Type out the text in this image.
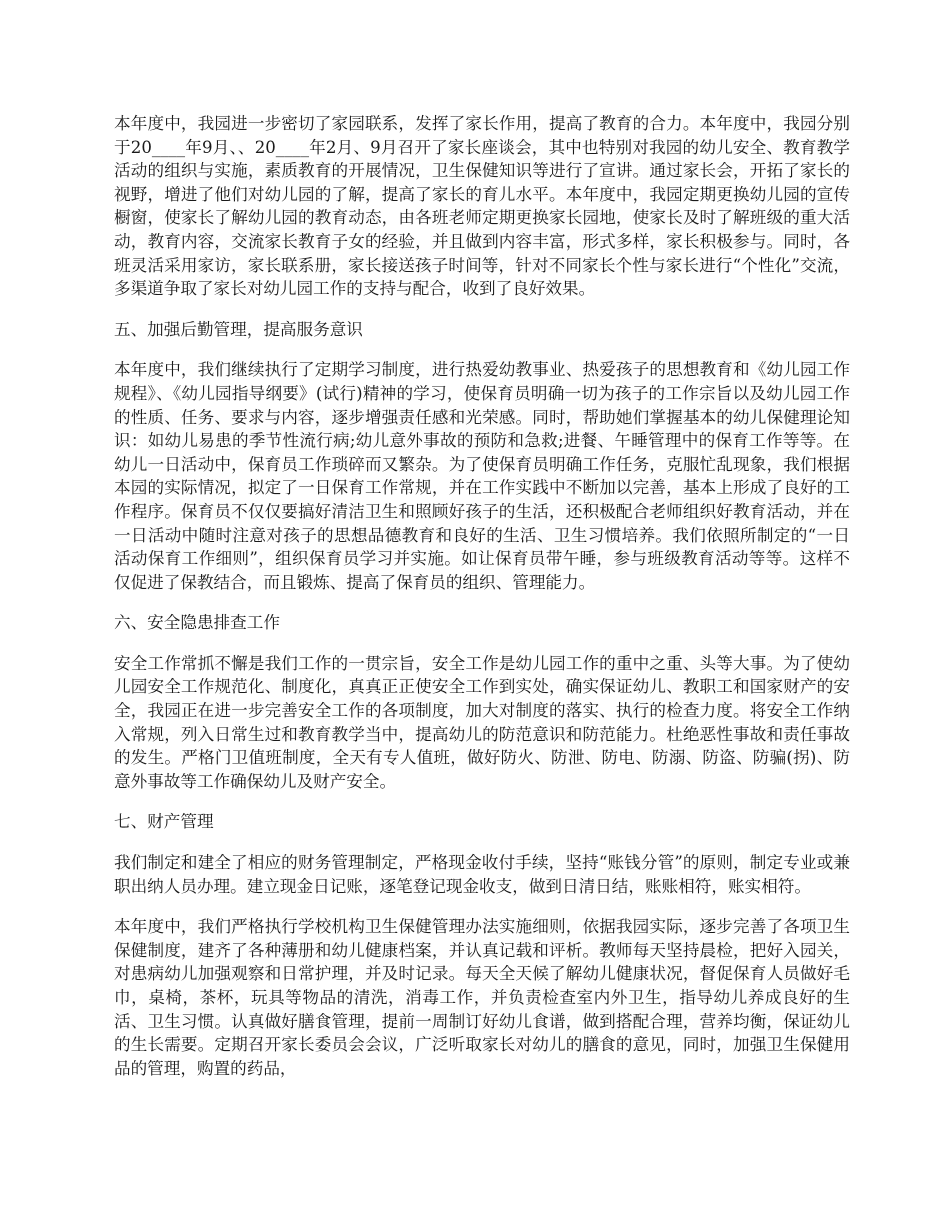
本年度中，我园进一步密切了家园联系，发挥了家长作用，提高了教育的合力。本年度中，我园分别于20____年9月、、20____年2月、9月召开了家长座谈会，其中也特别对我园的幼儿安全、教育教学活动的组织与实施，素质教育的开展情况，卫生保健知识等进行了宣讲。通过家长会，开拓了家长的视野，增进了他们对幼儿园的了解，提高了家长的育儿水平。本年度中，我园定期更换幼儿园的宣传橱窗，使家长了解幼儿园的教育动态，由各班老师定期更换家长园地，使家长及时了解班级的重大活动，教育内容，交流家长教育子女的经验，并且做到内容丰富，形式多样，家长积极参与。同时，各班灵活采用家访，家长联系册，家长接送孩子时间等，针对不同家长个性与家长进行“个性化”交流，多渠道争取了家长对幼儿园工作的支持与配合，收到了良好效果。

五、加强后勤管理，提高服务意识

本年度中，我们继续执行了定期学习制度，进行热爱幼教事业、热爱孩子的思想教育和《幼儿园工作规程》、《幼儿园指导纲要》(试行)精神的学习，使保育员明确一切为孩子的工作宗旨以及幼儿园工作的性质、任务、要求与内容，逐步增强责任感和光荣感。同时，帮助她们掌握基本的幼儿保健理论知识：如幼儿易患的季节性流行病;幼儿意外事故的预防和急救;进餐、午睡管理中的保育工作等等。在幼儿一日活动中，保育员工作琐碎而又繁杂。为了使保育员明确工作任务，克服忙乱现象，我们根据本园的实际情况，拟定了一日保育工作常规，并在工作实践中不断加以完善，基本上形成了良好的工作程序。保育员不仅仅要搞好清洁卫生和照顾好孩子的生活，还积极配合老师组织好教育活动，并在一日活动中随时注意对孩子的思想品德教育和良好的生活、卫生习惯培养。我们依照所制定的“一日活动保育工作细则”，组织保育员学习并实施。如让保育员带午睡，参与班级教育活动等等。这样不仅促进了保教结合，而且锻炼、提高了保育员的组织、管理能力。

六、安全隐患排查工作

安全工作常抓不懈是我们工作的一贯宗旨，安全工作是幼儿园工作的重中之重、头等大事。为了使幼儿园安全工作规范化、制度化，真真正正使安全工作到实处，确实保证幼儿、教职工和国家财产的安全，我园正在进一步完善安全工作的各项制度，加大对制度的落实、执行的检查力度。将安全工作纳入常规，列入日常生过和教育教学当中，提高幼儿的防范意识和防范能力。杜绝恶性事故和责任事故的发生。严格门卫值班制度，全天有专人值班，做好防火、防泄、防电、防溺、防盗、防骗(拐)、防意外事故等工作确保幼儿及财产安全。

七、财产管理

我们制定和建全了相应的财务管理制定，严格现金收付手续，坚持“账钱分管”的原则，制定专业或兼职出纳人员办理。建立现金日记账，逐笔登记现金收支，做到日清日结，账账相符，账实相符。

本年度中，我们严格执行学校机构卫生保健管理办法实施细则，依据我园实际，逐步完善了各项卫生保健制度，建齐了各种薄册和幼儿健康档案，并认真记载和评析。教师每天坚持晨检，把好入园关，对患病幼儿加强观察和日常护理，并及时记录。每天全天候了解幼儿健康状况，督促保育人员做好毛巾，桌椅，茶杯，玩具等物品的清洗，消毒工作，并负责检查室内外卫生，指导幼儿养成良好的生活、卫生习惯。认真做好膳食管理，提前一周制订好幼儿食谱，做到搭配合理，营养均衡，保证幼儿的生长需要。定期召开家长委员会会议，广泛听取家长对幼儿的膳食的意见，同时，加强卫生保健用品的管理，购置的药品，
